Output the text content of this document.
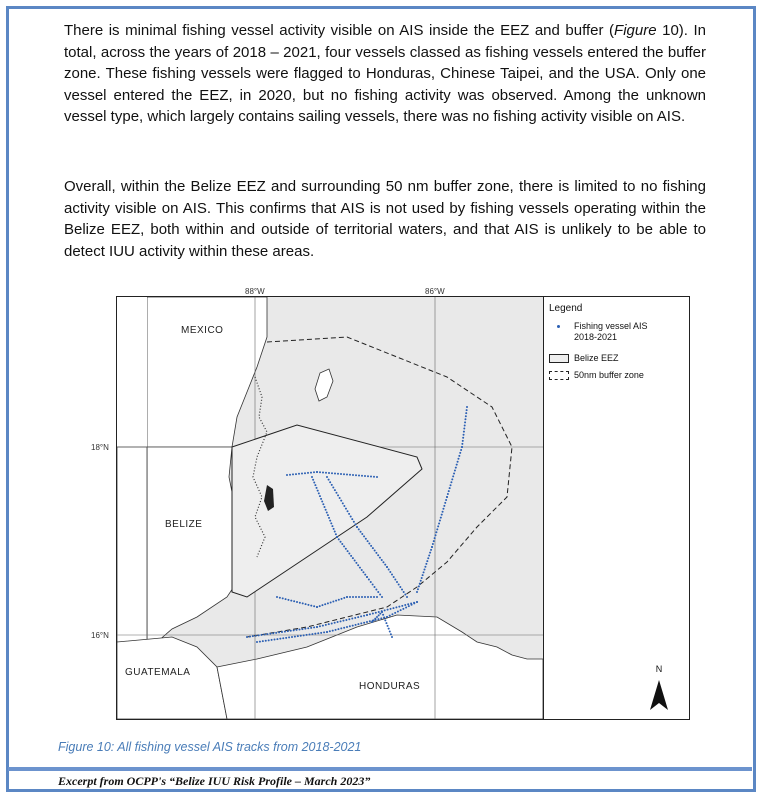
There is minimal fishing vessel activity visible on AIS inside the EEZ and buffer (Figure 10). In total, across the years of 2018 – 2021, four vessels classed as fishing vessels entered the buffer zone. These fishing vessels were flagged to Honduras, Chinese Taipei, and the USA. Only one vessel entered the EEZ, in 2020, but no fishing activity was observed. Among the unknown vessel type, which largely contains sailing vessels, there was no fishing activity visible on AIS.

Overall, within the Belize EEZ and surrounding 50 nm buffer zone, there is limited to no fishing activity visible on AIS. This confirms that AIS is not used by fishing vessels operating within the Belize EEZ, both within and outside of territorial waters, and that AIS is unlikely to be able to detect IUU activity within these areas.

88°W	86°W
18°N
16°N
MEXICO
BELIZE
GUATEMALA
HONDURAS
Legend
Fishing vessel AIS 2018-2021
Belize EEZ
50nm buffer zone
N
Figure 10: All fishing vessel AIS tracks from 2018-2021
Excerpt from OCPP's “Belize IUU Risk Profile – March 2023”
